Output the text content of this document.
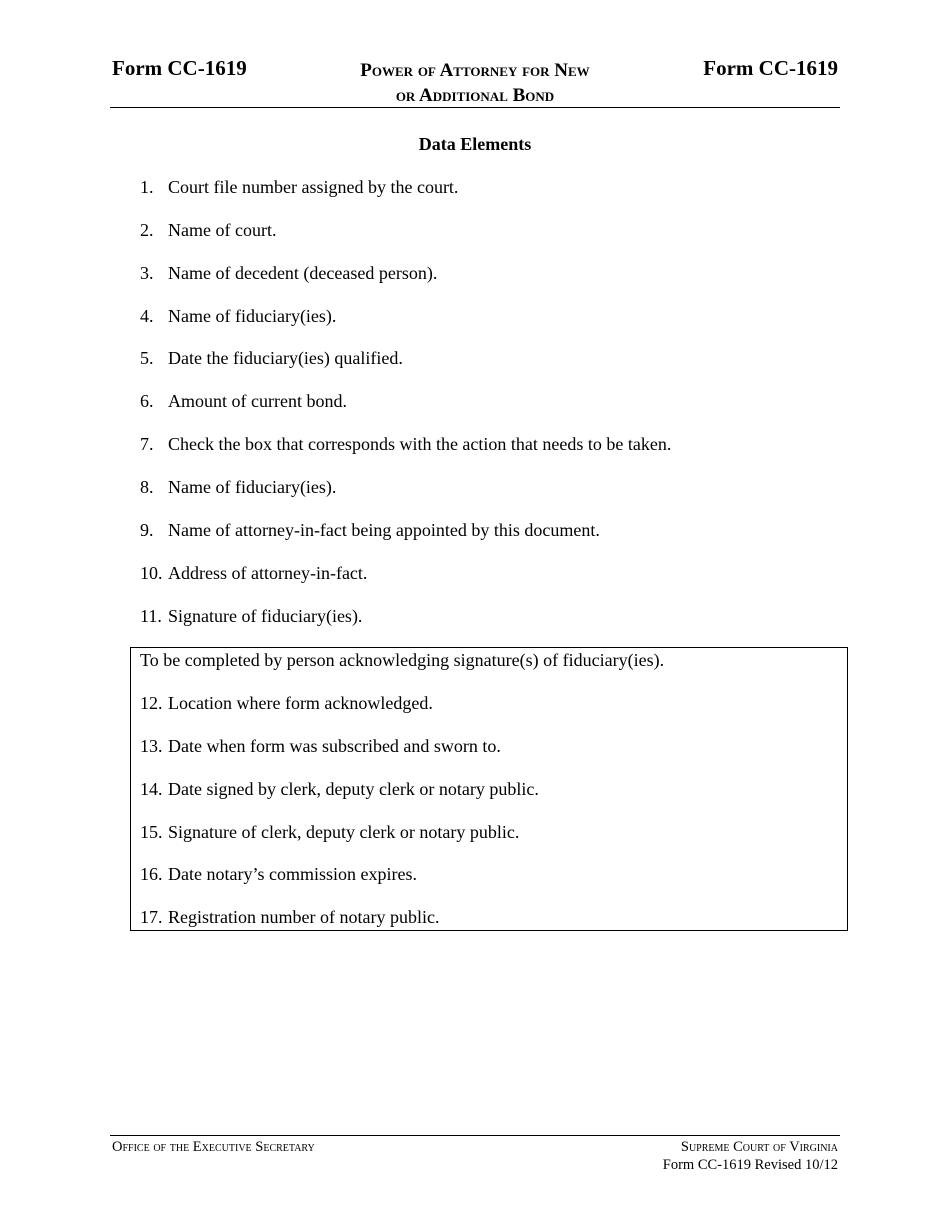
Form CC-1619	Power of Attorney for New
or Additional Bond
Form CC-1619
Data Elements
1. Court file number assigned by the court.
2. Name of court.
3. Name of decedent (deceased person).
4. Name of fiduciary(ies).
5. Date the fiduciary(ies) qualified.
6. Amount of current bond.
7. Check the box that corresponds with the action that needs to be taken.
8. Name of fiduciary(ies).
9. Name of attorney-in-fact being appointed by this document.
10. Address of attorney-in-fact.
11. Signature of fiduciary(ies).
To be completed by person acknowledging signature(s) of fiduciary(ies).
12. Location where form acknowledged.
13. Date when form was subscribed and sworn to.
14. Date signed by clerk, deputy clerk or notary public.
15. Signature of clerk, deputy clerk or notary public.
16. Date notary’s commission expires.
17. Registration number of notary public.
Office of the Executive Secretary	Supreme Court of Virginia
Form CC-1619 Revised 10/12
